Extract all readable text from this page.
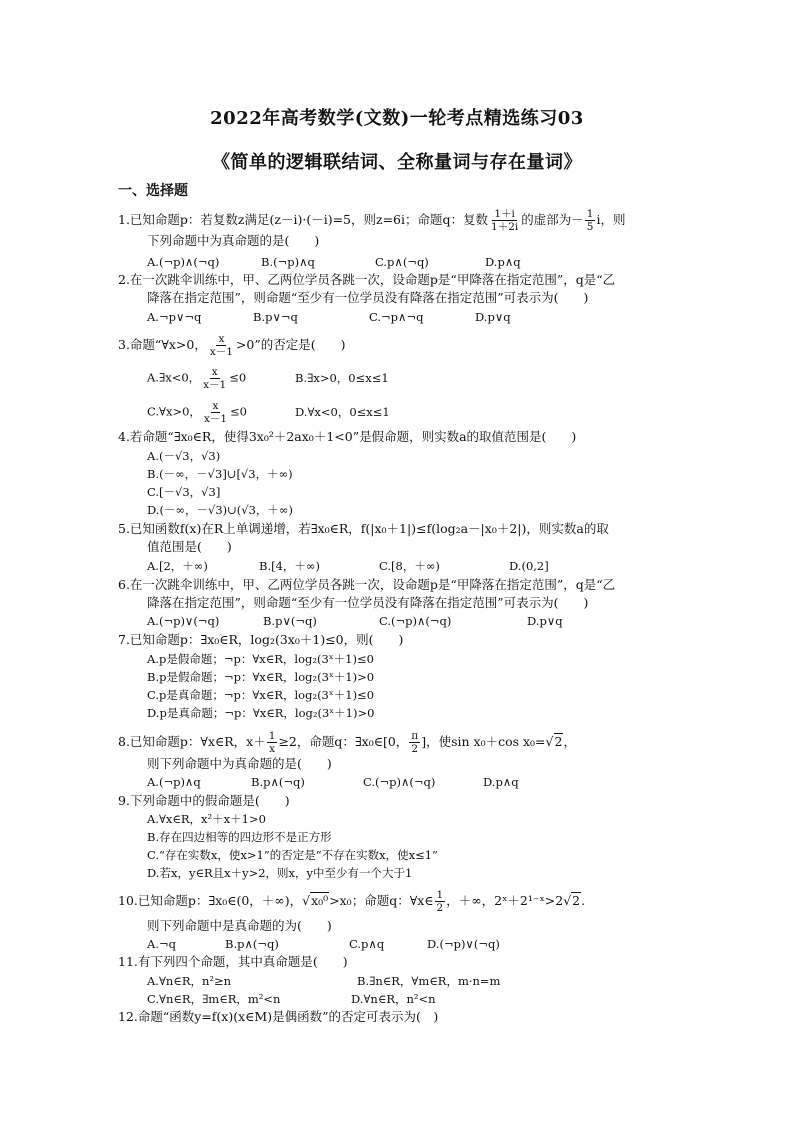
2022年高考数学(文数)一轮考点精选练习03
《简单的逻辑联结词、全称量词与存在量词》
一、选择题
1.已知命题p：若复数z满足(z－i)·(－i)=5，则z=6i；命题q：复数 $\frac{1+i}{1+2i}$ 的虚部为－ $\frac{1}{5}$ i，则
下列命题中为真命题的是(　　)
A.(¬p)∧(¬q)	B.(¬p)∧q	C.p∧(¬q)	D.p∧q
2.在一次跳伞训练中，甲、乙两位学员各跳一次，设命题p是“甲降落在指定范围”，q是“乙
降落在指定范围”，则命题“至少有一位学员没有降落在指定范围”可表示为(　　)
A.¬p∨¬q	B.p∨¬q	C.¬p∧¬q	D.p∨q
3.命题“∀x>0， $\frac{x}{x-1} >0$”的否定是(　　)
A.∃x<0， $\frac{x}{x-1} \le 0$	B.∃x>0，0≤x≤1
C.∀x>0， $\frac{x}{x-1} \le 0$	D.∀x<0，0≤x≤1
4.若命题“∃x₀∈R，使得3x₀²＋2ax₀＋1<0”是假命题，则实数a的取值范围是(　　)
A.(－√3，√3)
B.(－∞，－√3]∪[√3，＋∞)
C.[－√3，√3]
D.(－∞，－√3)∪(√3，＋∞)
5.已知函数f(x)在R上单调递增，若∃x₀∈R，f(|x₀＋1|)≤f(log₂a－|x₀＋2|)，则实数a的取
值范围是(　　)
A.[2，＋∞)	B.[4，＋∞)	C.[8，＋∞)	D.(0,2]
6.在一次跳伞训练中，甲、乙两位学员各跳一次，设命题p是“甲降落在指定范围”，q是“乙
降落在指定范围”，则命题“至少有一位学员没有降落在指定范围”可表示为(　　)
A.(¬p)∨(¬q)	B.p∨(¬q)	C.(¬p)∧(¬q)	D.p∨q
7.已知命题p：∃x₀∈R，log₂(3x₀＋1)≤0，则(　　)
A.p是假命题；¬p：∀x∈R，log₂(3ˣ＋1)≤0
B.p是假命题；¬p：∀x∈R，log₂(3ˣ＋1)>0
C.p是真命题；¬p：∀x∈R，log₂(3ˣ＋1)≤0
D.p是真命题；¬p：∀x∈R，log₂(3ˣ＋1)>0
8.已知命题p：∀x∈R，$x+ \frac{1}{x} \ge 2$，命题q：∃x₀∈[0， $\frac{\pi}{2}$ ]，使sin x₀＋cos x₀=√2，
则下列命题中为真命题的是(　　)
A.(¬p)∧q	B.p∧(¬q)	C.(¬p)∧(¬q)	D.p∧q
9.下列命题中的假命题是(　　)
A.∀x∈R，x²＋x＋1>0
B.存在四边相等的四边形不是正方形
C.“存在实数x，使x>1”的否定是“不存在实数x，使x≤1”
D.若x，y∈R且x＋y>2，则x，y中至少有一个大于1
10.已知命题p：∃x₀∈(0，＋∞)，√x₀⁰>x₀；命题q：∀x∈ $\frac{1}{2}$ ，＋∞，2ˣ＋2¹⁻ˣ>2√2.
则下列命题中是真命题的为(　　)
A.¬q	B.p∧(¬q)	C.p∧q	D.(¬p)∨(¬q)
11.有下列四个命题，其中真命题是(　　)
A.∀n∈R，n²≥n	B.∃n∈R，∀m∈R，m·n=m
C.∀n∈R，∃m∈R，m²<n	D.∀n∈R，n²<n
12.命题“函数y=f(x)(x∈M)是偶函数”的否定可表示为(　)
